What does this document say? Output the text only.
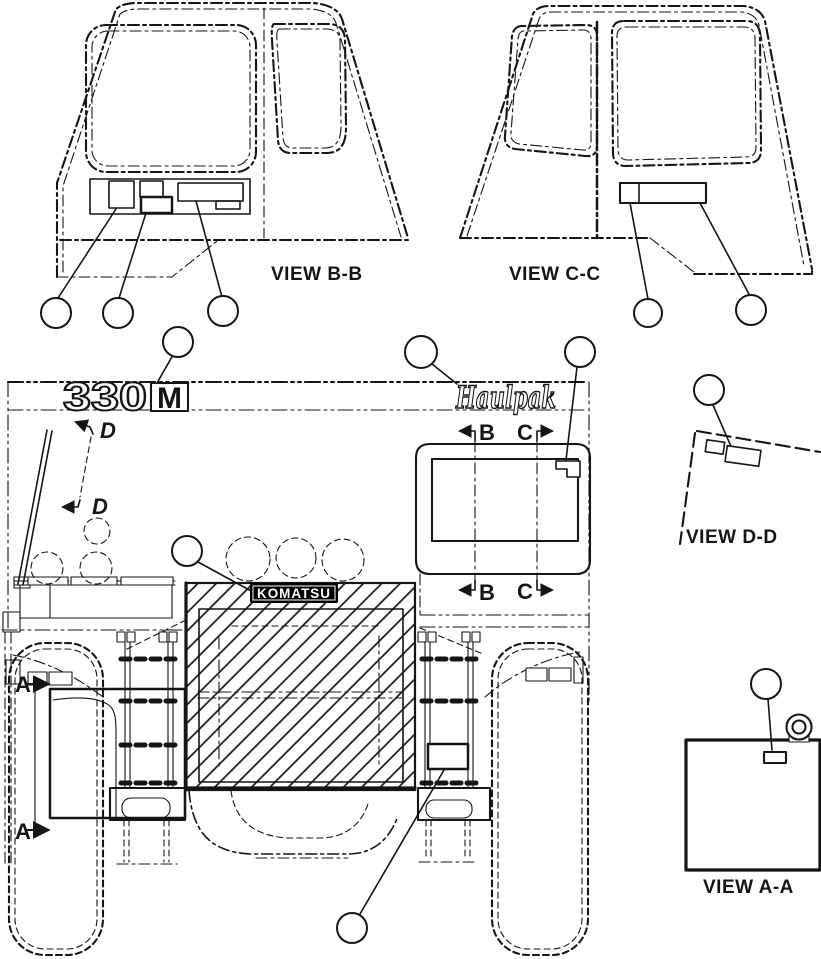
VIEW B-B	VIEW C-C
330 M	Haulpak
D
D
KOMATSU
B C
B C
A
A
VIEW D-D
VIEW A-A
